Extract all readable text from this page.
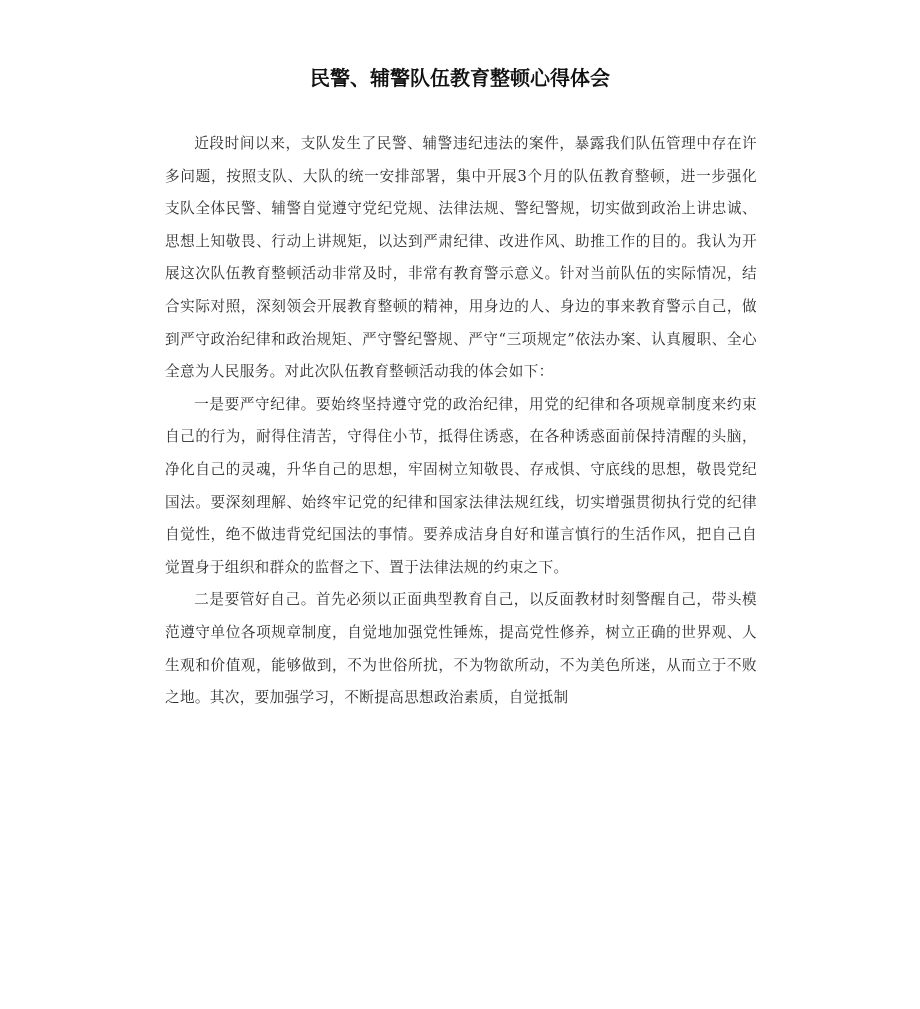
民警、辅警队伍教育整顿心得体会

近段时间以来，支队发生了民警、辅警违纪违法的案件，暴露我们队伍管理中存在许多问题，按照支队、大队的统一安排部署，集中开展3个月的队伍教育整顿，进一步强化支队全体民警、辅警自觉遵守党纪党规、法律法规、警纪警规，切实做到政治上讲忠诚、思想上知敬畏、行动上讲规矩，以达到严肃纪律、改进作风、助推工作的目的。我认为开展这次队伍教育整顿活动非常及时，非常有教育警示意义。针对当前队伍的实际情况，结合实际对照，深刻领会开展教育整顿的精神，用身边的人、身边的事来教育警示自己，做到严守政治纪律和政治规矩、严守警纪警规、严守“三项规定”依法办案、认真履职、全心全意为人民服务。对此次队伍教育整顿活动我的体会如下：

一是要严守纪律。要始终坚持遵守党的政治纪律，用党的纪律和各项规章制度来约束自己的行为，耐得住清苦，守得住小节，抵得住诱惑，在各种诱惑面前保持清醒的头脑，净化自己的灵魂，升华自己的思想，牢固树立知敬畏、存戒惧、守底线的思想，敬畏党纪国法。要深刻理解、始终牢记党的纪律和国家法律法规红线，切实增强贯彻执行党的纪律自觉性，绝不做违背党纪国法的事情。要养成洁身自好和谨言慎行的生活作风，把自己自觉置身于组织和群众的监督之下、置于法律法规的约束之下。

二是要管好自己。首先必须以正面典型教育自己，以反面教材时刻警醒自己，带头模范遵守单位各项规章制度，自觉地加强党性锤炼，提高党性修养，树立正确的世界观、人生观和价值观，能够做到，不为世俗所扰，不为物欲所动，不为美色所迷，从而立于不败之地。其次，要加强学习，不断提高思想政治素质，自觉抵制
